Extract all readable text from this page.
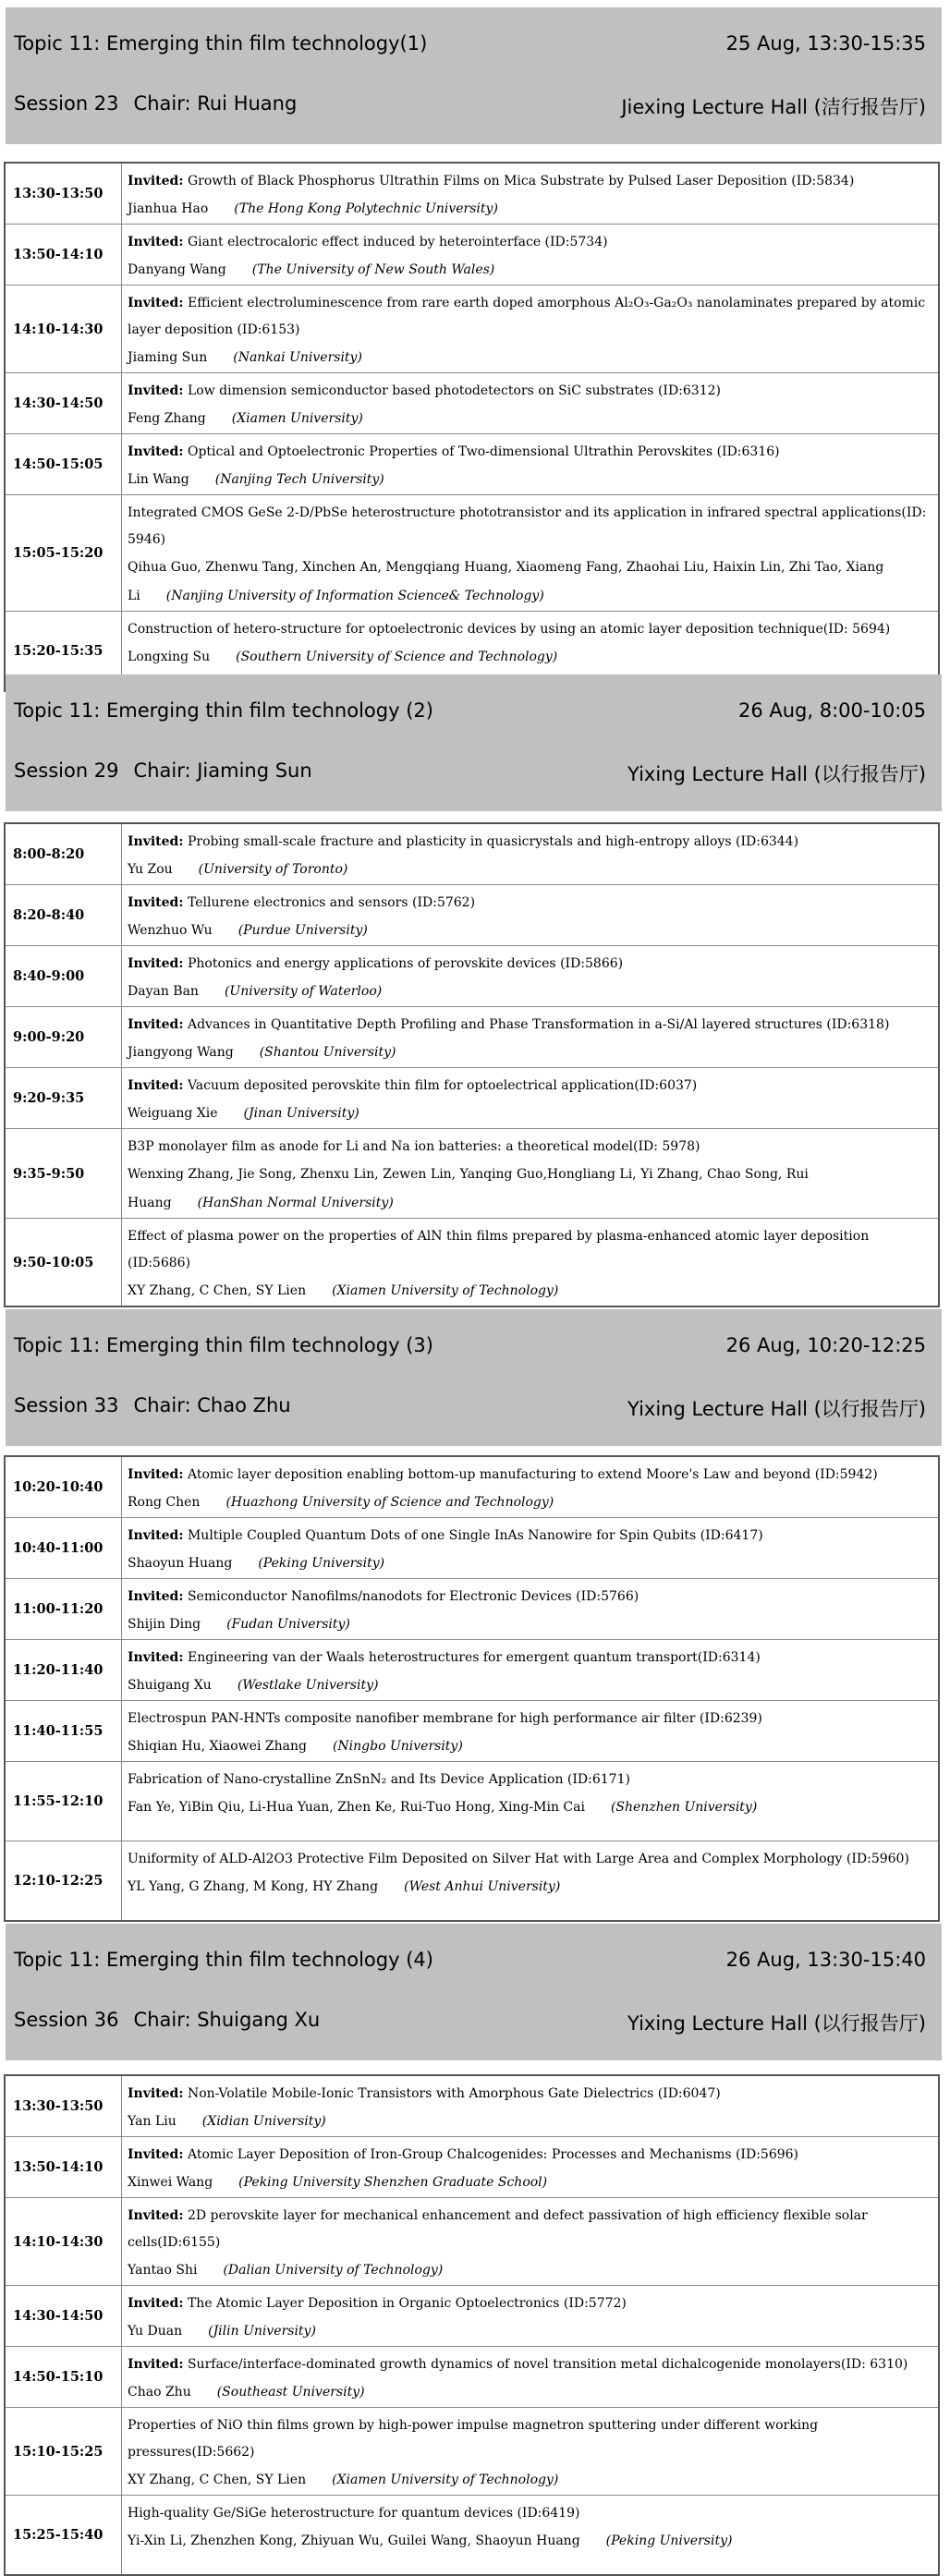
Topic 11: Emerging thin film technology(1)	25 Aug, 13:30-15:35
Session 23 Chair: Rui Huang	Jiexing Lecture Hall (洁行报告厅)
13:30-13:50
Invited: Growth of Black Phosphorus Ultrathin Films on Mica Substrate by Pulsed Laser Deposition (ID:5834)
Jianhua Hao (The Hong Kong Polytechnic University)
13:50-14:10
Invited: Giant electrocaloric effect induced by heterointerface (ID:5734)
Danyang Wang (The University of New South Wales)
14:10-14:30
Invited: Efficient electroluminescence from rare earth doped amorphous Al₂O₃-Ga₂O₃ nanolaminates prepared by atomic layer deposition (ID:6153)
Jiaming Sun (Nankai University)
14:30-14:50
Invited: Low dimension semiconductor based photodetectors on SiC substrates (ID:6312)
Feng Zhang (Xiamen University)
14:50-15:05
Invited: Optical and Optoelectronic Properties of Two-dimensional Ultrathin Perovskites (ID:6316)
Lin Wang (Nanjing Tech University)
15:05-15:20
Integrated CMOS GeSe 2-D/PbSe heterostructure phototransistor and its application in infrared spectral applications(ID: 5946)
Qihua Guo, Zhenwu Tang, Xinchen An, Mengqiang Huang, Xiaomeng Fang, Zhaohai Liu, Haixin Lin, Zhi Tao, Xiang Li (Nanjing University of Information Science& Technology)
15:20-15:35
Construction of hetero-structure for optoelectronic devices by using an atomic layer deposition technique(ID: 5694)
Longxing Su (Southern University of Science and Technology)
Topic 11: Emerging thin film technology (2)	26 Aug, 8:00-10:05
Session 29 Chair: Jiaming Sun	Yixing Lecture Hall (以行报告厅)
8:00-8:20
Invited: Probing small-scale fracture and plasticity in quasicrystals and high-entropy alloys (ID:6344)
Yu Zou (University of Toronto)
8:20-8:40
Invited: Tellurene electronics and sensors (ID:5762)
Wenzhuo Wu (Purdue University)
8:40-9:00
Invited: Photonics and energy applications of perovskite devices (ID:5866)
Dayan Ban (University of Waterloo)
9:00-9:20
Invited: Advances in Quantitative Depth Profiling and Phase Transformation in a-Si/Al layered structures (ID:6318)
Jiangyong Wang (Shantou University)
9:20-9:35
Invited: Vacuum deposited perovskite thin film for optoelectrical application(ID:6037)
Weiguang Xie (Jinan University)
9:35-9:50
B3P monolayer film as anode for Li and Na ion batteries: a theoretical model(ID: 5978)
Wenxing Zhang, Jie Song, Zhenxu Lin, Zewen Lin, Yanqing Guo,Hongliang Li, Yi Zhang, Chao Song, Rui Huang (HanShan Normal University)
9:50-10:05
Effect of plasma power on the properties of AlN thin films prepared by plasma-enhanced atomic layer deposition (ID:5686)
XY Zhang, C Chen, SY Lien (Xiamen University of Technology)
Topic 11: Emerging thin film technology (3)	26 Aug, 10:20-12:25
Session 33 Chair: Chao Zhu	Yixing Lecture Hall (以行报告厅)
10:20-10:40
Invited: Atomic layer deposition enabling bottom-up manufacturing to extend Moore's Law and beyond (ID:5942)
Rong Chen (Huazhong University of Science and Technology)
10:40-11:00
Invited: Multiple Coupled Quantum Dots of one Single InAs Nanowire for Spin Qubits (ID:6417)
Shaoyun Huang (Peking University)
11:00-11:20
Invited: Semiconductor Nanofilms/nanodots for Electronic Devices (ID:5766)
Shijin Ding (Fudan University)
11:20-11:40
Invited: Engineering van der Waals heterostructures for emergent quantum transport(ID:6314)
Shuigang Xu (Westlake University)
11:40-11:55
Electrospun PAN-HNTs composite nanofiber membrane for high performance air filter (ID:6239)
Shiqian Hu, Xiaowei Zhang (Ningbo University)
11:55-12:10
Fabrication of Nano-crystalline ZnSnN₂ and Its Device Application (ID:6171)
Fan Ye, YiBin Qiu, Li-Hua Yuan, Zhen Ke, Rui-Tuo Hong, Xing-Min Cai (Shenzhen University)
12:10-12:25
Uniformity of ALD-Al2O3 Protective Film Deposited on Silver Hat with Large Area and Complex Morphology (ID:5960)
YL Yang, G Zhang, M Kong, HY Zhang (West Anhui University)
Topic 11: Emerging thin film technology (4)	26 Aug, 13:30-15:40
Session 36 Chair: Shuigang Xu	Yixing Lecture Hall (以行报告厅)
13:30-13:50
Invited: Non-Volatile Mobile-Ionic Transistors with Amorphous Gate Dielectrics (ID:6047)
Yan Liu (Xidian University)
13:50-14:10
Invited: Atomic Layer Deposition of Iron-Group Chalcogenides: Processes and Mechanisms (ID:5696)
Xinwei Wang (Peking University Shenzhen Graduate School)
14:10-14:30
Invited: 2D perovskite layer for mechanical enhancement and defect passivation of high efficiency flexible solar cells(ID:6155)
Yantao Shi (Dalian University of Technology)
14:30-14:50
Invited: The Atomic Layer Deposition in Organic Optoelectronics (ID:5772)
Yu Duan (Jilin University)
14:50-15:10
Invited: Surface/interface-dominated growth dynamics of novel transition metal dichalcogenide monolayers(ID: 6310)
Chao Zhu (Southeast University)
15:10-15:25
Properties of NiO thin films grown by high-power impulse magnetron sputtering under different working pressures(ID:5662)
XY Zhang, C Chen, SY Lien (Xiamen University of Technology)
15:25-15:40
High-quality Ge/SiGe heterostructure for quantum devices (ID:6419)
Yi-Xin Li, Zhenzhen Kong, Zhiyuan Wu, Guilei Wang, Shaoyun Huang (Peking University)
